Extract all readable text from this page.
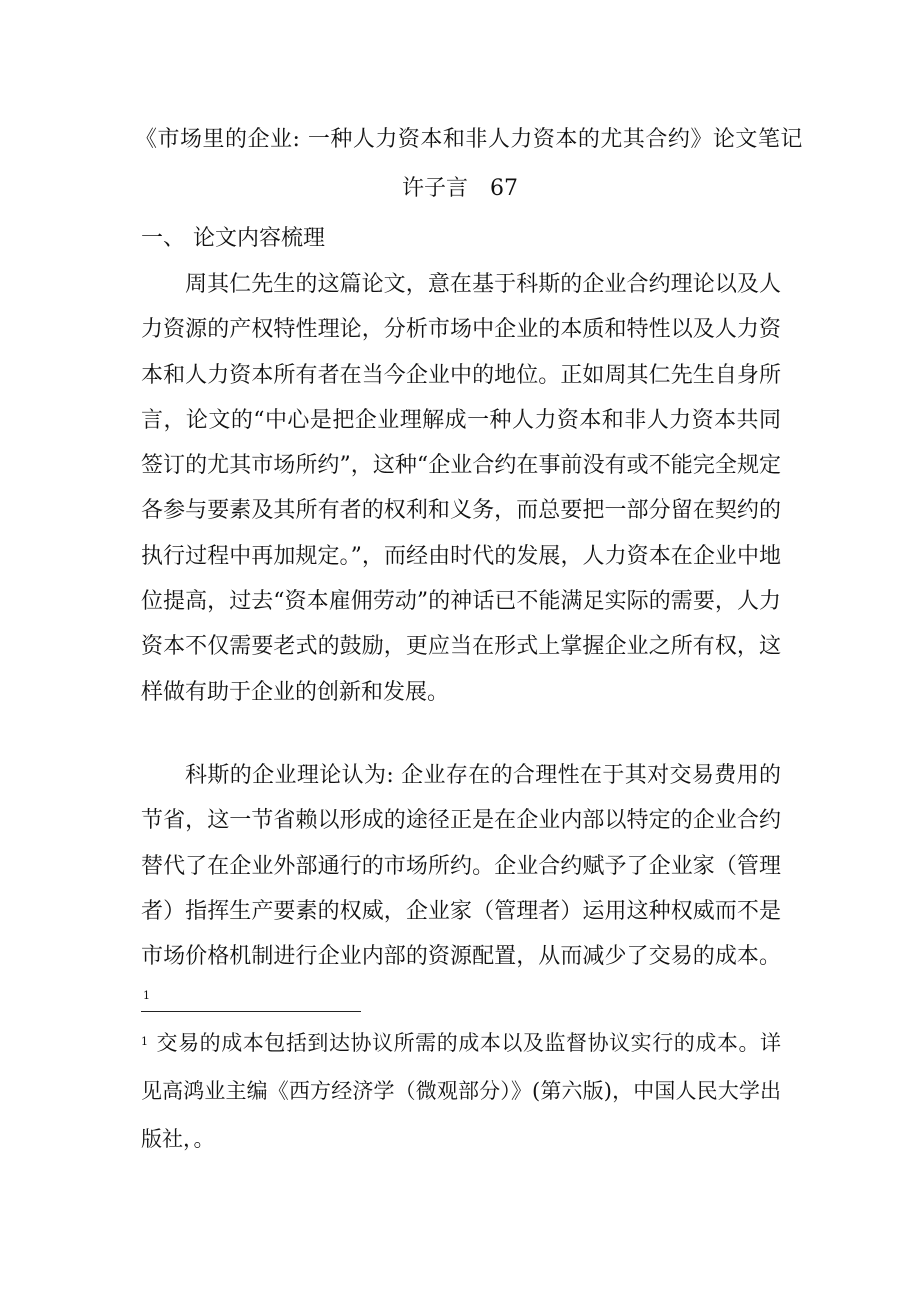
《市场里的企业: 一种人力资本和非人力资本的尤其合约》论文笔记
许子言 67
一、 论文内容梳理

周其仁先生的这篇论文，意在基于科斯的企业合约理论以及人力资源的产权特性理论，分析市场中企业的本质和特性以及人力资本和人力资本所有者在当今企业中的地位。正如周其仁先生自身所言，论文的“中心是把企业理解成一种人力资本和非人力资本共同签订的尤其市场所约”，这种“企业合约在事前没有或不能完全规定各参与要素及其所有者的权利和义务，而总要把一部分留在契约的执行过程中再加规定。”，而经由时代的发展，人力资本在企业中地位提高，过去“资本雇佣劳动”的神话已不能满足实际的需要，人力资本不仅需要老式的鼓励，更应当在形式上掌握企业之所有权，这样做有助于企业的创新和发展。

科斯的企业理论认为: 企业存在的合理性在于其对交易费用的节省，这一节省赖以形成的途径正是在企业内部以特定的企业合约替代了在企业外部通行的市场所约。企业合约赋予了企业家（管理者）指挥生产要素的权威，企业家（管理者）运用这种权威而不是市场价格机制进行企业内部的资源配置，从而减少了交易的成本。$^1$

$^1$ 交易的成本包括到达协议所需的成本以及监督协议实行的成本。详见高鸿业主编《西方经济学（微观部分）》(第六版)，中国人民大学出版社，。
